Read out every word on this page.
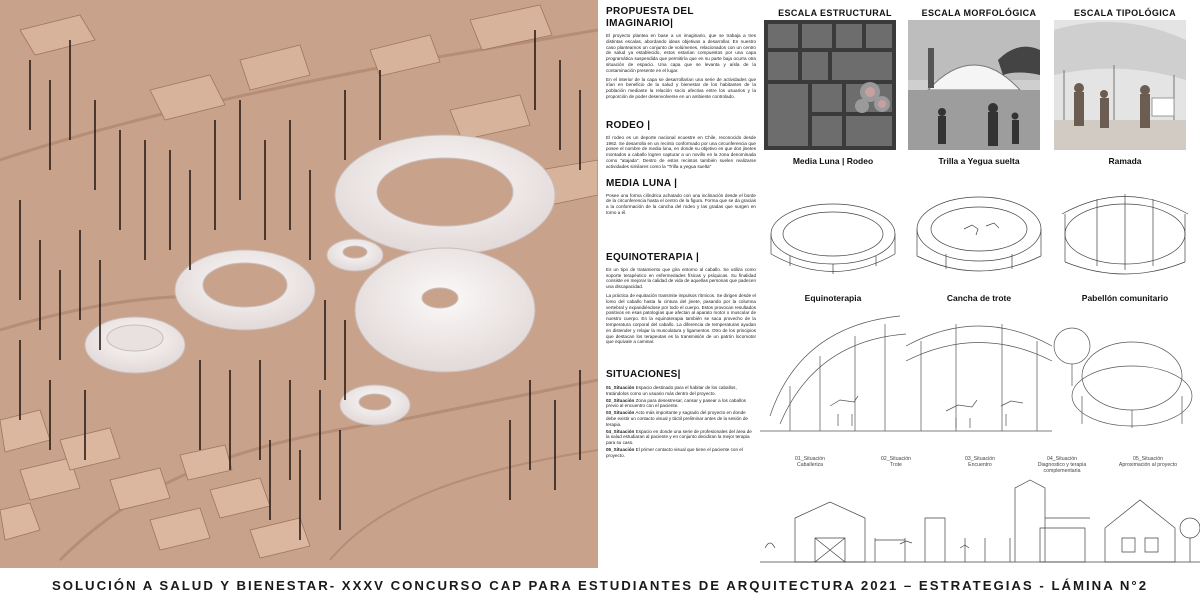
PROPUESTA DEL
IMAGINARIO|

El proyecto plantea en base a un imaginario, que se trabaja a tres distintas escalas, abordando ideas objetivas a desarrollar. En nuestro caso planteamos un conjunto de volúmenes, relacionados con un centro de salud ya establecido, estos estarían compuestos por una capa programática suspendida que permitiría que en su parte baja ocurra otra situación de espacio. Una capa que se levanta y aísla de la contaminación presente en el lugar.

En el interior de la capa se desarrollarían una serie de actividades que irían en beneficio de la salud y bienestar de los habitantes de la población mediante la relación socio afectiva entre los usuarios y la proporción de poder desenvolverse en un ambiente controlado.

RODEO |

El rodeo es un deporte nacional ecuestre en Chile, reconocido desde 1962. Se desarrolla en un recinto conformado por una circunferencia que posee el nombre de media luna, en donde su objetivo es que dos jinetes montados a caballo logren capturar a un novillo en la zona denominada como "atajada". Dentro de estos recintos también suelen realizarse actividades similares como la "Trilla a yegua suelta"

MEDIA LUNA |

Posee una forma cilíndrica achatado con una inclinación desde el borde de la circunferencia hasta el centro de la figura. Forma que se da gracias a la conformación de la cancha del rodeo y las gradas que surgen en torno a él.

EQUINOTERAPIA |

Es un tipo de tratamiento que gira entorno al caballo. Se utiliza como soporte terapéutico en enfermedades físicas y psíquicas. Su finalidad consiste en mejorar la calidad de vida de aquellas personas que padecen una discapacidad.

La práctica de equitación transmite impulsos rítmicos. Se dirigen desde el lomo del caballo hasta la cintura del jinete, pasando por la columna vertebral y expandiéndose por todo el cuerpo. Estos provocan resultados positivos en esas patologías que afectan al aparato motor o muscular de nuestro cuerpo. En la equinoterapia también se saca provecho de la temperatura corporal del caballo. La diferencia de temperaturas ayudan en distender y relajar la musculatura y ligamentos. Otro de los principios que destacan los terapeutas es la transmisión de un patrón locomotor que equivale a caminar.

SITUACIONES|
01_Situación Espacio destinado para el habitar de los caballos, tratándolos como un usuario más dentro del proyecto.
02_Situación Zona para desestresar, cansar y pasear a los caballos previo al encuentro con el paciente.
03_Situación Acto más importante y sagrado del proyecto en donde debe existir un contacto visual y táctil preliminar antes de la sesión de terapia.
04_Situación Espacio en donde una serie de profesionales del área de la salud estudiaran al paciente y en conjunto decidiran la mejor terapia para su caso.
05_Situación El primer contacto visual que tiene el paciente con el proyecto.
ESCALA ESTRUCTURAL	ESCALA MORFOLÓGICA	ESCALA TIPOLÓGICA
Media Luna | Rodeo	Trilla a Yegua suelta	Ramada
Equinoterapia	Cancha de trote	Pabellón comunitario
01_Situación
Caballeriza
02_Situación
Trote
03_Situación
Encuentro
04_Situación
Diagnostico y terapia complementaria
05_Situación
Aproximación al proyecto
SOLUCIÓN A SALUD Y BIENESTAR- XXXV CONCURSO CAP PARA ESTUDIANTES DE ARQUITECTURA 2021 – ESTRATEGIAS - LÁMINA N°2
